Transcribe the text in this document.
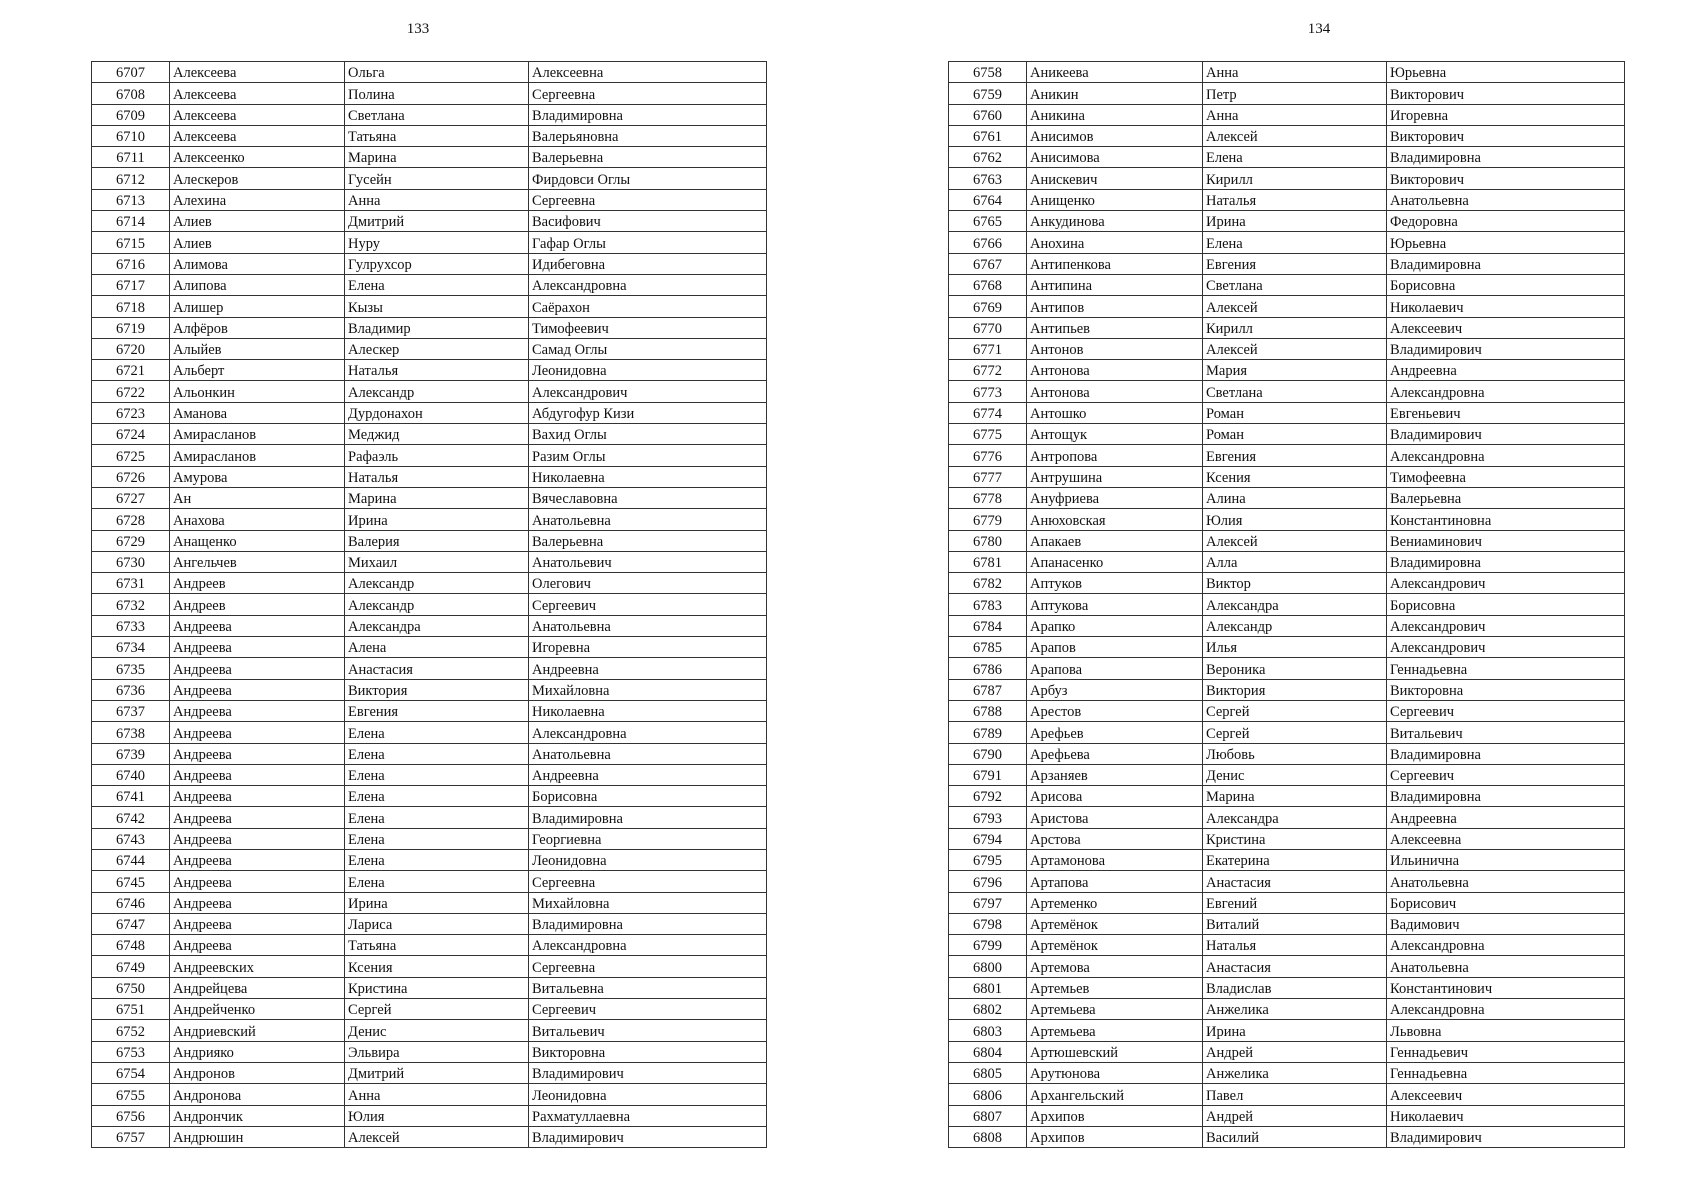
133
6707	Алексеева	Ольга	Алексеевна
6708	Алексеева	Полина	Сергеевна
6709	Алексеева	Светлана	Владимировна
6710	Алексеева	Татьяна	Валерьяновна
6711	Алексеенко	Марина	Валерьевна
6712	Алескеров	Гусейн	Фирдовси Оглы
6713	Алехина	Анна	Сергеевна
6714	Алиев	Дмитрий	Васифович
6715	Алиев	Нуру	Гафар Оглы
6716	Алимова	Гулрухсор	Идибеговна
6717	Алипова	Елена	Александровна
6718	Алишер	Кызы	Саёрахон
6719	Алфёров	Владимир	Тимофеевич
6720	Алыйев	Алескер	Самад Оглы
6721	Альберт	Наталья	Леонидовна
6722	Альонкин	Александр	Александрович
6723	Аманова	Дурдонахон	Абдугофур Кизи
6724	Амирасланов	Меджид	Вахид Оглы
6725	Амирасланов	Рафаэль	Разим Оглы
6726	Амурова	Наталья	Николаевна
6727	Ан	Марина	Вячеславовна
6728	Анахова	Ирина	Анатольевна
6729	Анащенко	Валерия	Валерьевна
6730	Ангельчев	Михаил	Анатольевич
6731	Андреев	Александр	Олегович
6732	Андреев	Александр	Сергеевич
6733	Андреева	Александра	Анатольевна
6734	Андреева	Алена	Игоревна
6735	Андреева	Анастасия	Андреевна
6736	Андреева	Виктория	Михайловна
6737	Андреева	Евгения	Николаевна
6738	Андреева	Елена	Александровна
6739	Андреева	Елена	Анатольевна
6740	Андреева	Елена	Андреевна
6741	Андреева	Елена	Борисовна
6742	Андреева	Елена	Владимировна
6743	Андреева	Елена	Георгиевна
6744	Андреева	Елена	Леонидовна
6745	Андреева	Елена	Сергеевна
6746	Андреева	Ирина	Михайловна
6747	Андреева	Лариса	Владимировна
6748	Андреева	Татьяна	Александровна
6749	Андреевских	Ксения	Сергеевна
6750	Андрейцева	Кристина	Витальевна
6751	Андрейченко	Сергей	Сергеевич
6752	Андриевский	Денис	Витальевич
6753	Андрияко	Эльвира	Викторовна
6754	Андронов	Дмитрий	Владимирович
6755	Андронова	Анна	Леонидовна
6756	Андрончик	Юлия	Рахматуллаевна
6757	Андрюшин	Алексей	Владимирович
134
6758	Аникеева	Анна	Юрьевна
6759	Аникин	Петр	Викторович
6760	Аникина	Анна	Игоревна
6761	Анисимов	Алексей	Викторович
6762	Анисимова	Елена	Владимировна
6763	Анискевич	Кирилл	Викторович
6764	Анищенко	Наталья	Анатольевна
6765	Анкудинова	Ирина	Федоровна
6766	Анохина	Елена	Юрьевна
6767	Антипенкова	Евгения	Владимировна
6768	Антипина	Светлана	Борисовна
6769	Антипов	Алексей	Николаевич
6770	Антипьев	Кирилл	Алексеевич
6771	Антонов	Алексей	Владимирович
6772	Антонова	Мария	Андреевна
6773	Антонова	Светлана	Александровна
6774	Антошко	Роман	Евгеньевич
6775	Антощук	Роман	Владимирович
6776	Антропова	Евгения	Александровна
6777	Антрушина	Ксения	Тимофеевна
6778	Ануфриева	Алина	Валерьевна
6779	Анюховская	Юлия	Константиновна
6780	Апакаев	Алексей	Вениаминович
6781	Апанасенко	Алла	Владимировна
6782	Аптуков	Виктор	Александрович
6783	Аптукова	Александра	Борисовна
6784	Арапко	Александр	Александрович
6785	Арапов	Илья	Александрович
6786	Арапова	Вероника	Геннадьевна
6787	Арбуз	Виктория	Викторовна
6788	Арестов	Сергей	Сергеевич
6789	Арефьев	Сергей	Витальевич
6790	Арефьева	Любовь	Владимировна
6791	Арзаняев	Денис	Сергеевич
6792	Арисова	Марина	Владимировна
6793	Аристова	Александра	Андреевна
6794	Арстова	Кристина	Алексеевна
6795	Артамонова	Екатерина	Ильинична
6796	Артапова	Анастасия	Анатольевна
6797	Артеменко	Евгений	Борисович
6798	Артемёнок	Виталий	Вадимович
6799	Артемёнок	Наталья	Александровна
6800	Артемова	Анастасия	Анатольевна
6801	Артемьев	Владислав	Константинович
6802	Артемьева	Анжелика	Александровна
6803	Артемьева	Ирина	Львовна
6804	Артюшевский	Андрей	Геннадьевич
6805	Арутюнова	Анжелика	Геннадьевна
6806	Архангельский	Павел	Алексеевич
6807	Архипов	Андрей	Николаевич
6808	Архипов	Василий	Владимирович
